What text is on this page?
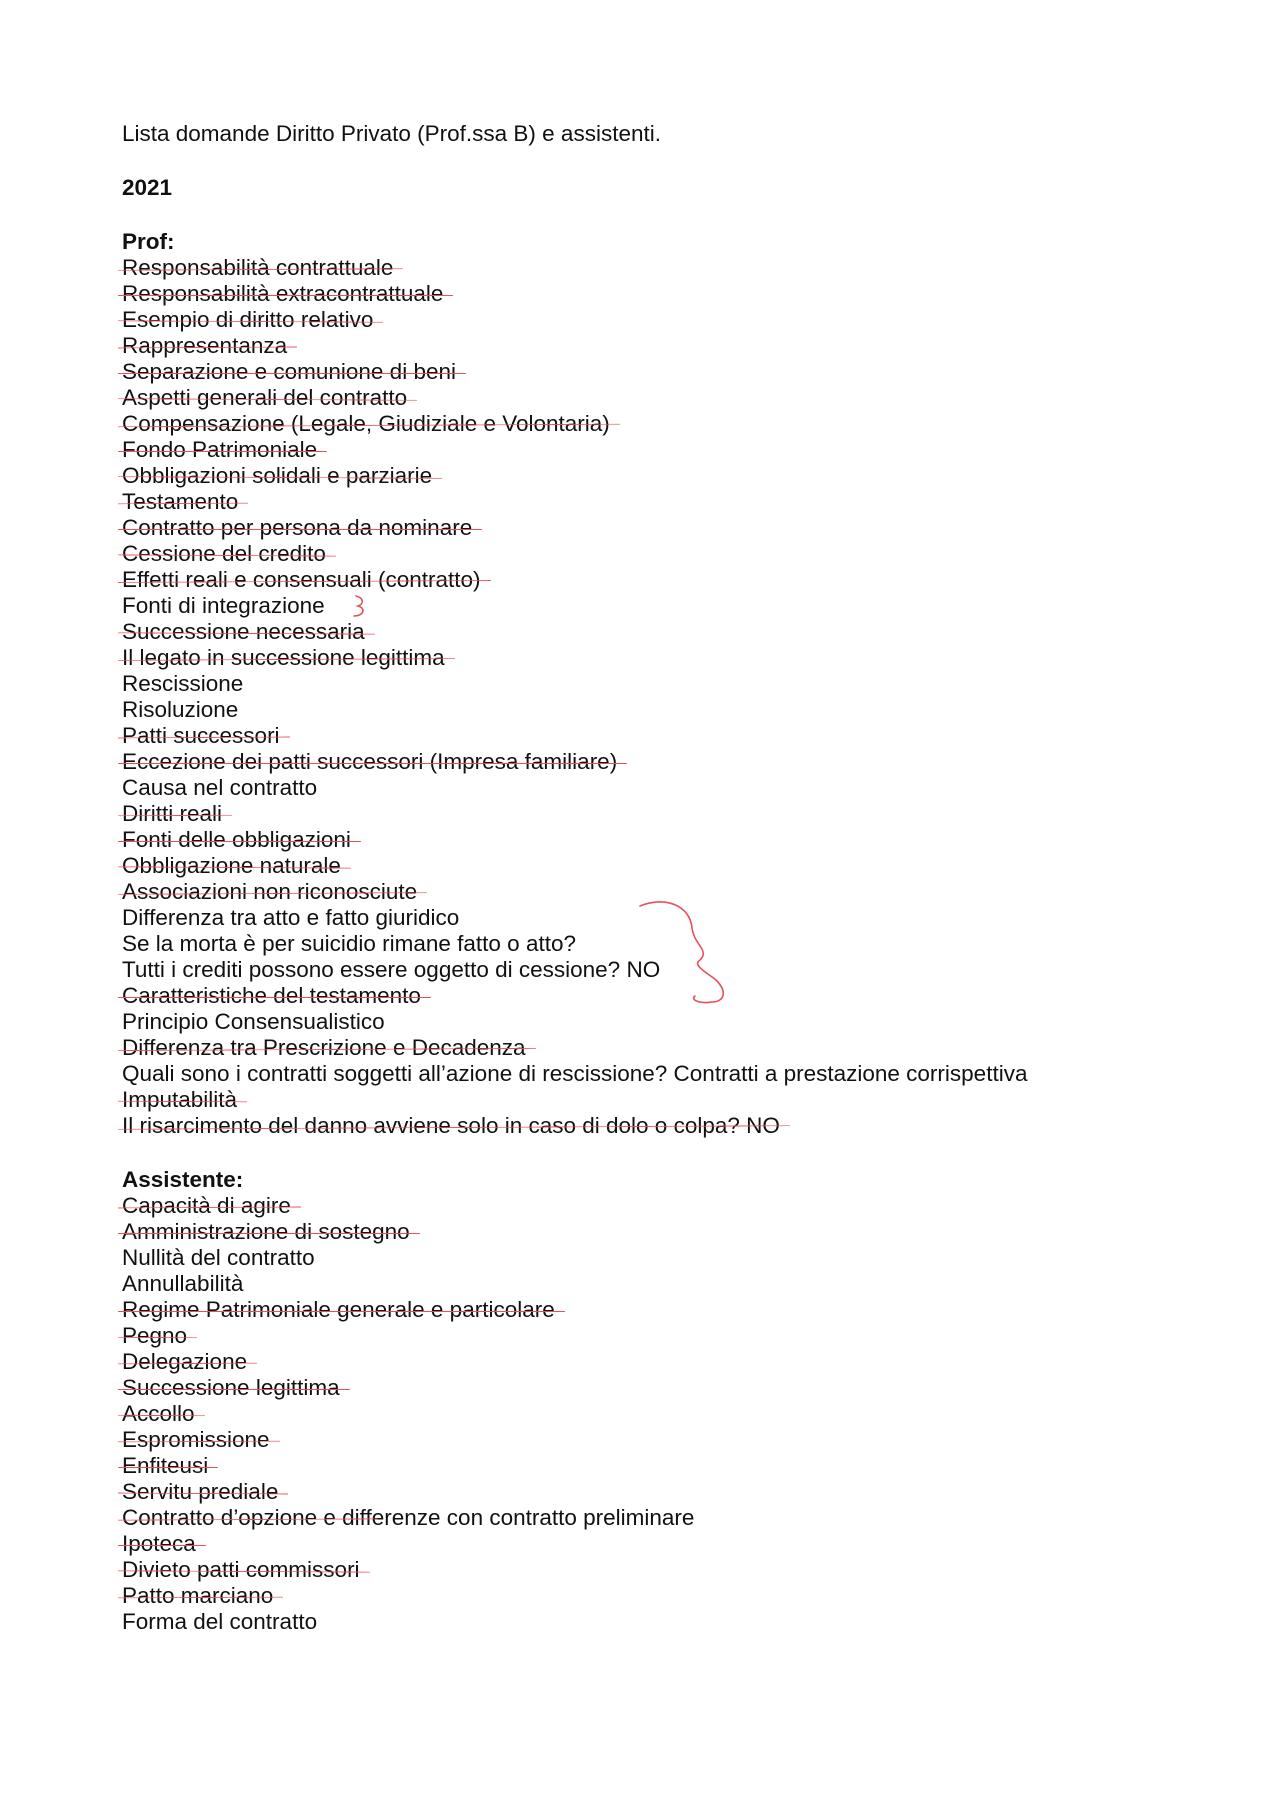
Lista domande Diritto Privato (Prof.ssa B) e assistenti.
2021
Prof:
Responsabilità contrattuale
Responsabilità extracontrattuale
Esempio di diritto relativo
Rappresentanza
Separazione e comunione di beni
Aspetti generali del contratto
Compensazione (Legale, Giudiziale e Volontaria)
Fondo Patrimoniale
Obbligazioni solidali e parziarie
Testamento
Contratto per persona da nominare
Cessione del credito
Effetti reali e consensuali (contratto)
Fonti di integrazione
Successione necessaria
Il legato in successione legittima
Rescissione
Risoluzione
Patti successori
Eccezione dei patti successori (Impresa familiare)
Causa nel contratto
Diritti reali
Fonti delle obbligazioni
Obbligazione naturale
Associazioni non riconosciute
Differenza tra atto e fatto giuridico
Se la morta è per suicidio rimane fatto o atto?
Tutti i crediti possono essere oggetto di cessione? NO
Caratteristiche del testamento
Principio Consensualistico
Differenza tra Prescrizione e Decadenza
Quali sono i contratti soggetti all’azione di rescissione? Contratti a prestazione corrispettiva
Imputabilità
Il risarcimento del danno avviene solo in caso di dolo o colpa? NO
Assistente:
Capacità di agire
Amministrazione di sostegno
Nullità del contratto
Annullabilità
Regime Patrimoniale generale e particolare
Pegno
Delegazione
Successione legittima
Accollo
Espromissione
Enfiteusi
Servitu prediale
Contratto d’opzione e differenze con contratto preliminare
Ipoteca
Divieto patti commissori
Patto marciano
Forma del contratto
